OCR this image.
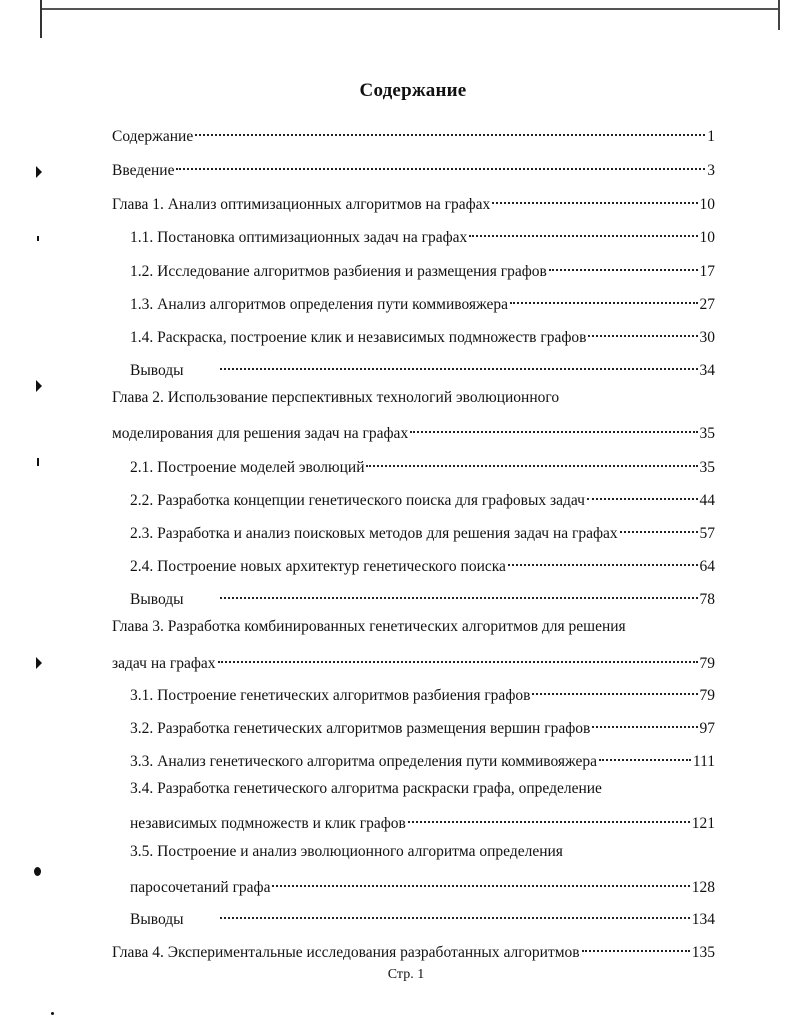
Содержание
Содержание	1
Введение	3
Глава 1. Анализ оптимизационных алгоритмов на графах	10
1.1. Постановка оптимизационных задач на графах	10
1.2. Исследование алгоритмов разбиения и размещения графов	17
1.3. Анализ алгоритмов определения пути коммивояжера	27
1.4. Раскраска, построение клик и независимых подмножеств графов	30
Выводы	34
Глава 2. Использование перспективных технологий эволюционного
моделирования для решения задач на графах	35
2.1. Построение моделей эволюций	35
2.2. Разработка концепции генетического поиска для графовых задач	44
2.3. Разработка и анализ поисковых методов для решения задач на графах	57
2.4. Построение новых архитектур генетического поиска	64
Выводы	78
Глава 3. Разработка комбинированных генетических алгоритмов для решения
задач на графах	79
3.1. Построение генетических алгоритмов разбиения графов	79
3.2. Разработка генетических алгоритмов размещения вершин графов	97
3.3. Анализ генетического алгоритма определения пути коммивояжера	111
3.4. Разработка генетического алгоритма раскраски графа, определение
независимых подмножеств и клик графов	121
3.5. Построение и анализ эволюционного алгоритма определения
паросочетаний графа	128
Выводы	134
Глава 4. Экспериментальные исследования разработанных алгоритмов	135
Стр. 1
